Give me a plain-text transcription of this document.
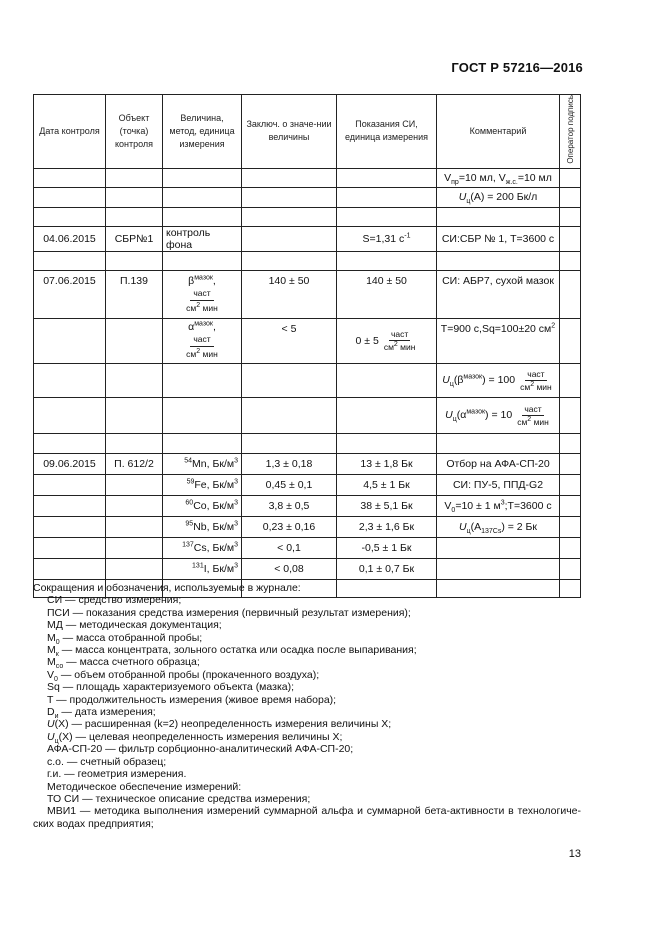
ГОСТ Р 57216—2016
Дата контроля	Объект (точка) контроля	Величина, метод, единица измерения	Заключ. о значе-нии величины	Показания СИ, единица измерения	Комментарий	Оператор подпись
					$V_{пр}=10$ мл, $V_{ж.с.}=10$ мл	
					$U_ц(A) = 200$ Бк/л	

04.06.2015	СБР№1	контроль фона		S=1,31 $с^{-1}$	СИ:СБР № 1, Т=3600 с	

07.06.2015	П.139	$\beta^{мазок}$,
част
$см^2$ мин	140 ± 50	140 ± 50	СИ: АБР7, сухой мазок	

		$\alpha^{мазок}$,
част
$см^2$ мин	< 5	$0 \pm 5 \frac{\text{част}}{см^2 мин}$	Т=900 с,Sq=100±20 $см^2$	

					$U_ц(\beta^{мазок}) = 100 \frac{\text{част}}{см^2 мин}$

					$U_ц(\alpha^{мазок}) = 10 \frac{\text{част}}{см^2 мин}$

09.06.2015	П. 612/2	$^{54}$Mn, $Бк/м^3$	1,3 ± 0,18	13 ± 1,8 Бк	Отбор на АФА-СП-20	
		$^{59}$Fe, $Бк/м^3$	0,45 ± 0,1	4,5 ± 1 Бк	СИ: ПУ-5, ППД-G2	
		$^{60}$Co, $Бк/м^3$	3,8 ± 0,5	38 ± 5,1 Бк	$V_0=10 \pm 1$ $м^3;Т=3600$ с	
		$^{95}$Nb, $Бк/м^3$	0,23 ± 0,16	2,3 ± 1,6 Бк	$U_ц(A_{137Cs}) = 2$ Бк	
		$^{137}$Cs, $Бк/м^3$	< 0,1	-0,5 ± 1 Бк		
		$^{131}$I, $Бк/м^3$	< 0,08	0,1 ± 0,7 Бк		

Сокращения и обозначения, используемые в журнале:

СИ — средство измерения;

ПСИ — показания средства измерения (первичный результат измерения);

МД — методическая документация;

$M_0$ — масса отобранной пробы;

$M_к$ — масса концентрата, зольного остатка или осадка после выпаривания;

$M_{со}$ — масса счетного образца;

$V_0$ — объем отобранной пробы (прокаченного воздуха);

Sq — площадь характеризуемого объекта (мазка);

T — продолжительность измерения (живое время набора);

$D_и$ — дата измерения;

U(X) — расширенная (k=2) неопределенность измерения величины X;

$U_ц(X)$ — целевая неопределенность измерения величины X;

АФА-СП-20 — фильтр сорбционно-аналитический АФА-СП-20;

с.о. — счетный образец;

г.и. — геометрия измерения.

Методическое обеспечение измерений:

ТО СИ — техническое описание средства измерения;

МВИ1 — методика выполнения измерений суммарной альфа и суммарной бета-активности в технологиче-

ских водах предприятия;

13
